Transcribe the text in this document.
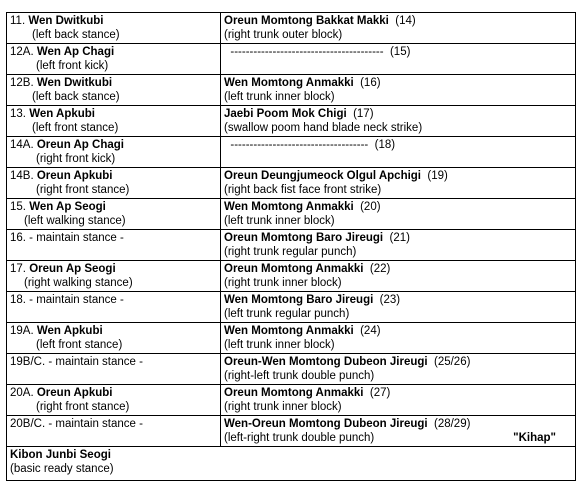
11. Wen Dwitkubi
(left back stance)	Oreun Momtong Bakkat Makki  (14)
(right trunk outer block)

12A. Wen Ap Chagi
(left front kick)	----------------------------------------  (15)

12B. Wen Dwitkubi
(left back stance)	Wen Momtong Anmakki  (16)
(left trunk inner block)

13. Wen Apkubi
(left front stance)	Jaebi Poom Mok Chigi  (17)
(swallow poom hand blade neck strike)

14A. Oreun Ap Chagi
(right front kick)	------------------------------------  (18)

14B. Oreun Apkubi
(right front stance)	Oreun Deungjumeock Olgul Apchigi  (19)
(right back fist face front strike)

15. Wen Ap Seogi
(left walking stance)	Wen Momtong Anmakki  (20)
(left trunk inner block)

16. - maintain stance -	Oreun Momtong Baro Jireugi  (21)
(right trunk regular punch)

17. Oreun Ap Seogi
(right walking stance)	Oreun Momtong Anmakki  (22)
(right trunk inner block)

18. - maintain stance -	Wen Momtong Baro Jireugi  (23)
(left trunk regular punch)

19A. Wen Apkubi
(left front stance)	Wen Momtong Anmakki  (24)
(left trunk inner block)

19B/C. - maintain stance -	Oreun-Wen Momtong Dubeon Jireugi  (25/26)
(right-left trunk double punch)

20A. Oreun Apkubi
(right front stance)	Oreun Momtong Anmakki  (27)
(right trunk inner block)

20B/C. - maintain stance -	Wen-Oreun Momtong Dubeon Jireugi  (28/29)
(left-right trunk double punch) "Kihap"

Kibon Junbi Seogi
(basic ready stance)	
